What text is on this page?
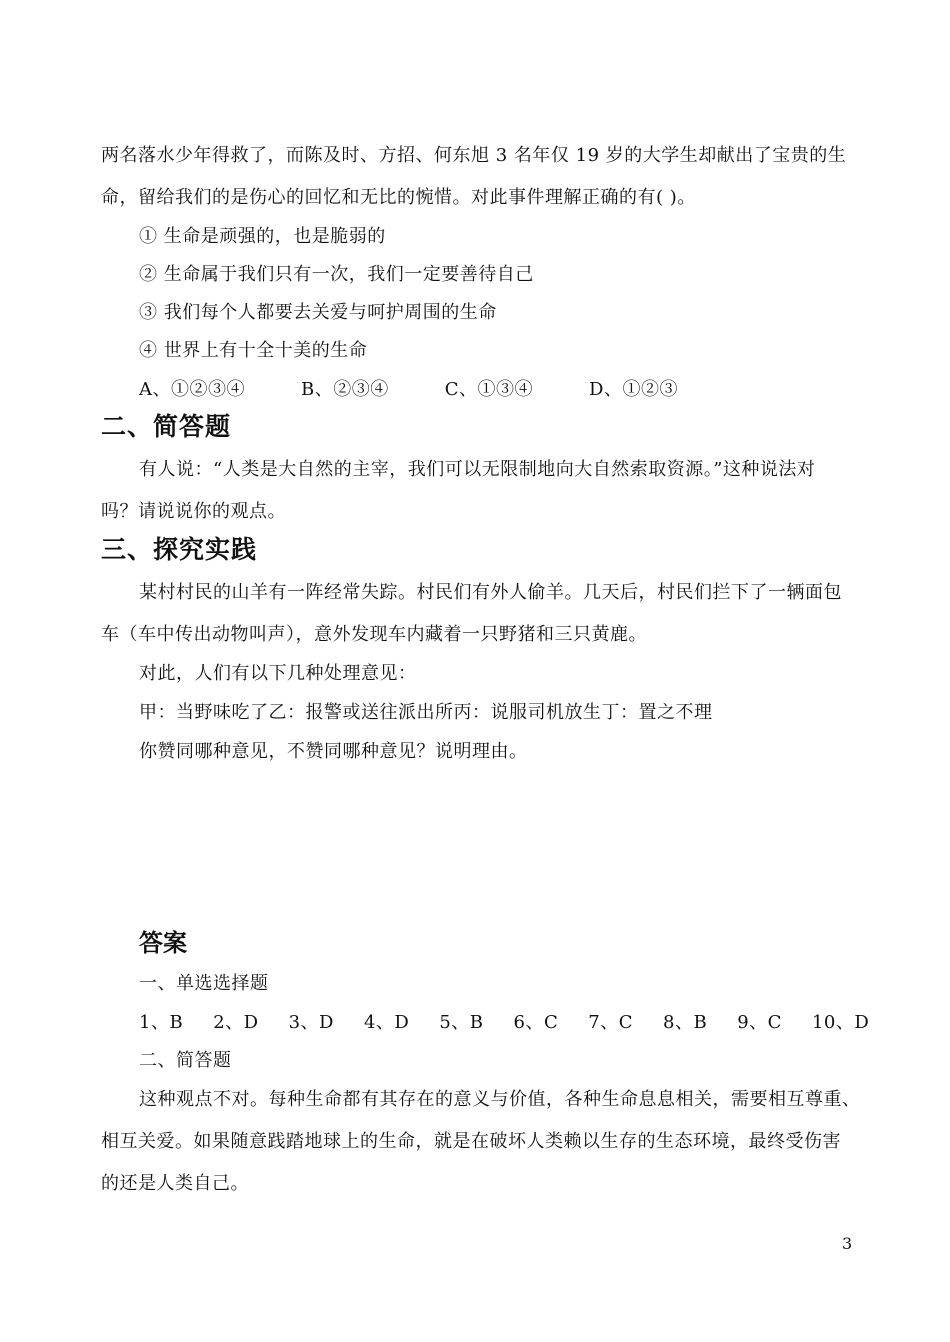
两名落水少年得救了，而陈及时、方招、何东旭 3 名年仅 19 岁的大学生却献出了宝贵的生
命，留给我们的是伤心的回忆和无比的惋惜。对此事件理解正确的有( )。
① 生命是顽强的，也是脆弱的
② 生命属于我们只有一次，我们一定要善待自己
③ 我们每个人都要去关爱与呵护周围的生命
④ 世界上有十全十美的生命
A、①②③④	B、②③④	C、①③④	D、①②③
二、简答题
有人说：“人类是大自然的主宰，我们可以无限制地向大自然索取资源。”这种说法对
吗？请说说你的观点。
三、探究实践
某村村民的山羊有一阵经常失踪。村民们有外人偷羊。几天后，村民们拦下了一辆面包
车（车中传出动物叫声），意外发现车内藏着一只野猪和三只黄鹿。
对此，人们有以下几种处理意见：
甲：当野味吃了乙：报警或送往派出所丙：说服司机放生丁：置之不理
你赞同哪种意见，不赞同哪种意见？说明理由。
答案
一、单选选择题
1、B 2、D 3、D 4、D 5、B 6、C 7、C 8、B 9、C 10、D
二、简答题
这种观点不对。每种生命都有其存在的意义与价值，各种生命息息相关，需要相互尊重、
相互关爱。如果随意践踏地球上的生命，就是在破坏人类赖以生存的生态环境，最终受伤害
的还是人类自己。
3
